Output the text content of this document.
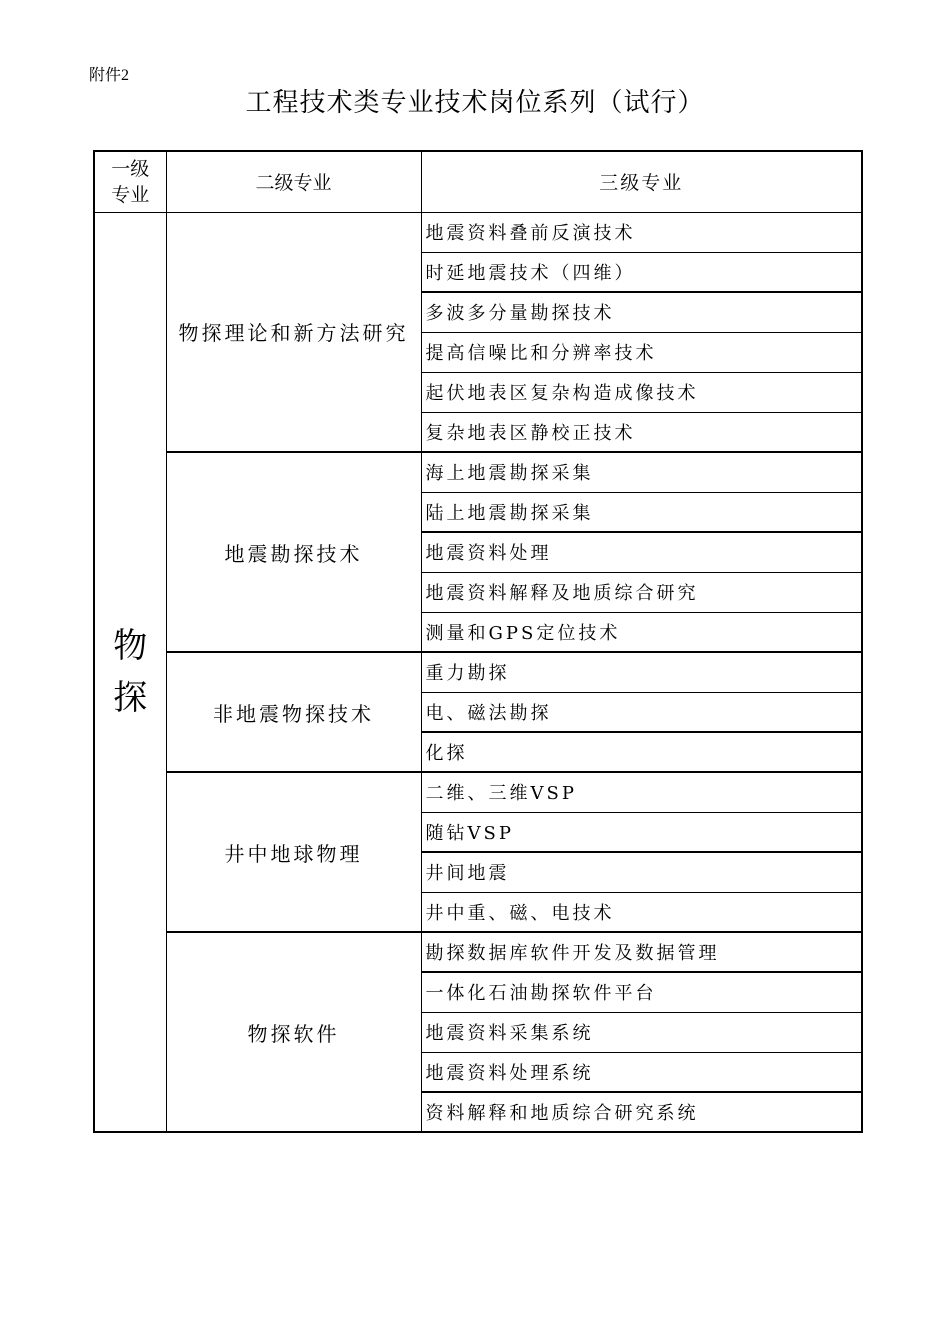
附件2
工程技术类专业技术岗位系列（试行）
一级
专业	二级专业	三级专业

物
探	物探理论和新方法研究	地震资料叠前反演技术
		时延地震技术（四维）
		多波多分量勘探技术
		提高信噪比和分辨率技术
		起伏地表区复杂构造成像技术
		复杂地表区静校正技术
	地震勘探技术	海上地震勘探采集
		陆上地震勘探采集
		地震资料处理
		地震资料解释及地质综合研究
		测量和GPS定位技术
	非地震物探技术	重力勘探
		电、磁法勘探
		化探
	井中地球物理	二维、三维VSP
		随钻VSP
		井间地震
		井中重、磁、电技术
	物探软件	勘探数据库软件开发及数据管理
		一体化石油勘探软件平台
		地震资料采集系统
		地震资料处理系统
		资料解释和地质综合研究系统
